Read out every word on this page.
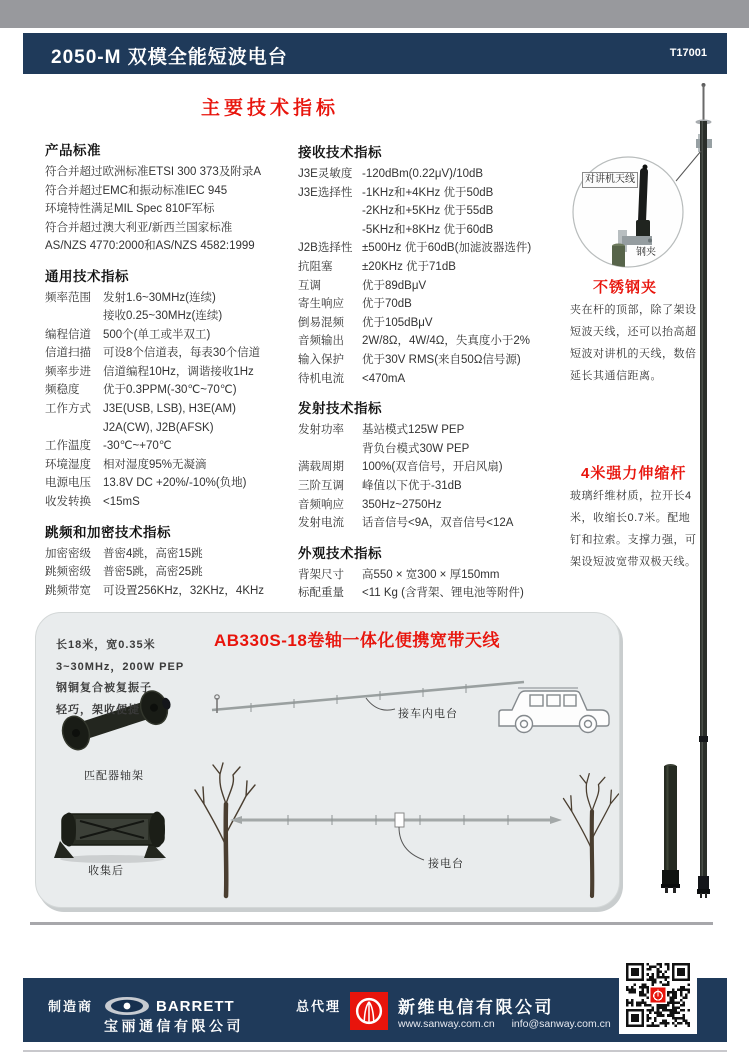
2050-M 双模全能短波电台	T17001
主要技术指标
产品标准
符合并超过欧洲标准ETSI 300 373及附录A
符合并超过EMC和振动标准IEC 945
环境特性满足MIL Spec 810F军标
符合并超过澳大利亚/新西兰国家标准
AS/NZS 4770:2000和AS/NZS 4582:1999
通用技术指标
频率范围	发射1.6~30MHz(连续)
接收0.25~30MHz(连续)
编程信道	500个(单工或半双工)
信道扫描	可设8个信道表，每表30个信道
频率步进	信道编程10Hz，调谐接收1Hz
频稳度	优于0.3PPM(-30℃~70℃)
工作方式	J3E(USB, LSB), H3E(AM)
J2A(CW), J2B(AFSK)
工作温度	-30℃~+70℃
环境湿度	相对湿度95%无凝滴
电源电压	13.8V DC +20%/-10%(负地)
收发转换	<15mS
跳频和加密技术指标
加密密级	普密4跳，高密15跳
跳频密级	普密5跳，高密25跳
跳频带宽	可设置256KHz，32KHz，4KHz
接收技术指标
J3E灵敏度 -120dBm(0.22μV)/10dB
J3E选择性 -1KHz和+4KHz 优于50dB
-2KHz和+5KHz 优于55dB
-5KHz和+8KHz 优于60dB
J2B选择性 ±500Hz 优于60dB(加滤波器选件)
抗阻塞	±20KHz 优于71dB
互调	优于89dBμV
寄生响应	优于70dB
倒易混频	优于105dBμV
音频输出	2W/8Ω，4W/4Ω，失真度小于2%
输入保护	优于30V RMS(来自50Ω信号源)
待机电流	<470mA
发射技术指标
发射功率	基站模式125W PEP
背负台模式30W PEP
满载周期	100%(双音信号，开启风扇)
三阶互调	峰值以下优于-31dB
音频响应	350Hz~2750Hz
发射电流	话音信号<9A，双音信号<12A
外观技术指标
背架尺寸	高550 × 宽300 × 厚150mm
标配重量	<11 Kg (含背架、锂电池等附件)
对讲机天线
钢夹
不锈钢夹
夹在杆的顶部，除了架设短波天线，还可以抬高超短波对讲机的天线，数倍延长其通信距离。
4米强力伸缩杆
玻璃纤维材质，拉开长4米，收缩长0.7米。配地钉和拉索。支撑力强，可架设短波宽带双极天线。
AB330S-18卷轴一体化便携宽带天线
长18米，宽0.35米
3~30MHz，200W PEP
钢铜复合被复振子
轻巧，架收便捷	接车内电台
匹配器轴架
收集后
接电台
制造商	BARRETT
宝丽通信有限公司
总代理	新维电信有限公司
www.sanway.com.cn info@sanway.com.cn
